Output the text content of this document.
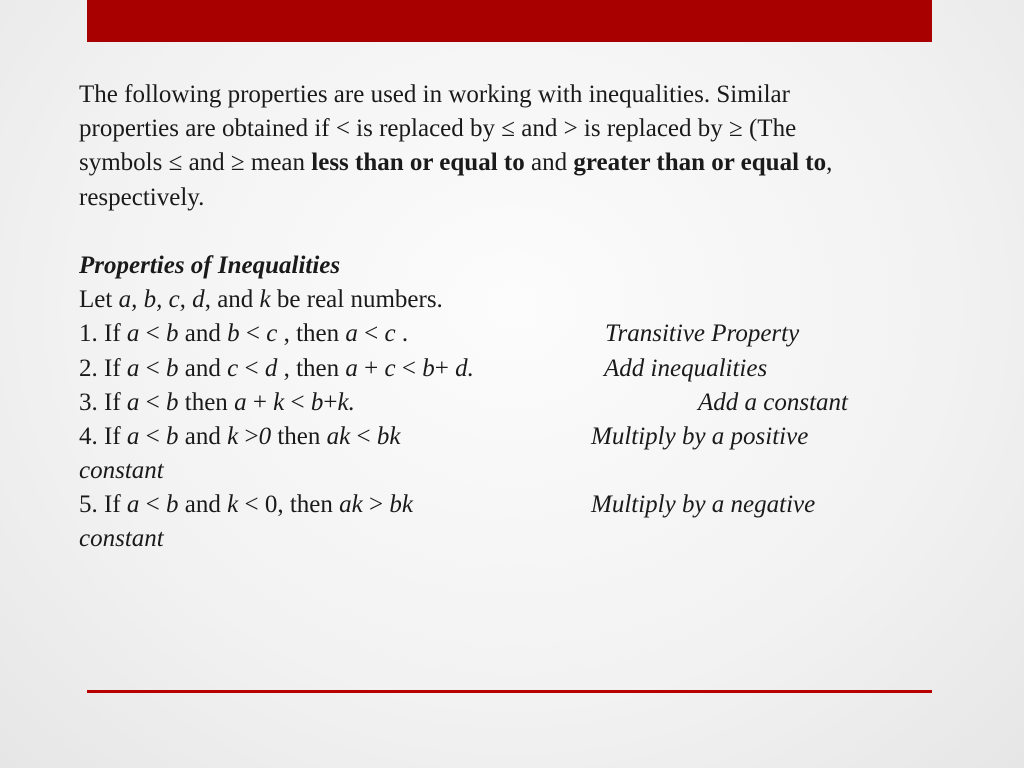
The following properties are used in working with inequalities. Similar
properties are obtained if < is replaced by ≤ and > is replaced by ≥ (The
symbols ≤ and ≥ mean less than or equal to and greater than or equal to,
respectively.
Properties of Inequalities
Let a, b, c, d, and k be real numbers.
1. If a < b and b < c , then a < c .	Transitive Property
2. If a < b and c < d , then a + c < b+ d.	Add inequalities
3. If a < b then a + k < b+k.	Add a constant
4. If a < b and k >0 then ak < bk	Multiply by a positive
constant
5. If a < b and k < 0, then ak > bk	Multiply by a negative
constant
